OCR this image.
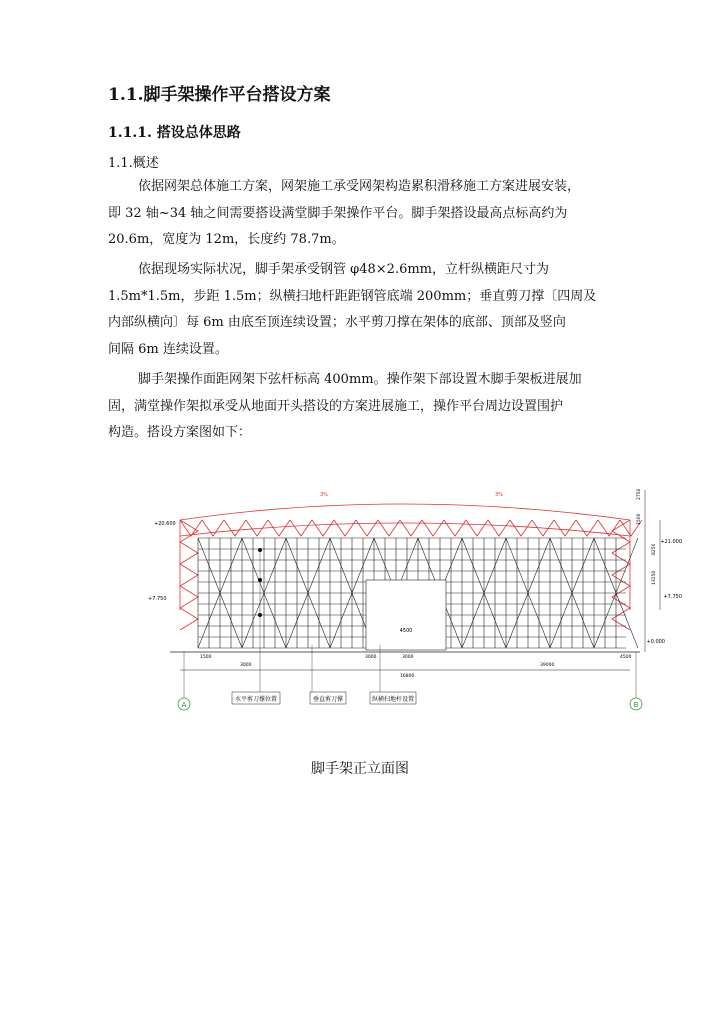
1.1.脚手架操作平台搭设方案
1.1.1. 搭设总体思路
1.1.概述
依据网架总体施工方案，网架施工承受网架构造累积滑移施工方案进展安装，
即 32 轴~34 轴之间需要搭设满堂脚手架操作平台。脚手架搭设最高点标高约为
20.6m，宽度为 12m，长度约 78.7m。
依据现场实际状况，脚手架承受钢管 φ48×2.6mm，立杆纵横距尺寸为
1.5m*1.5m，步距 1.5m；纵横扫地杆距距钢管底端 200mm；垂直剪刀撑〔四周及
内部纵横向〕每 6m 由底至顶连续设置；水平剪刀撑在架体的底部、顶部及竖向
间隔 6m 连续设置。
脚手架操作面距网架下弦杆标高 400mm。操作架下部设置木脚手架板进展加
固，满堂操作架拟承受从地面开头搭设的方案进展施工，操作平台周边设置围护
构造。搭设方案图如下：
4500
1500	3000	3000	4500
3000	39000
16800
+20.600
+7.750
+21.000
+7.750
+0.000
2750
1500
8250
13250
3%	3%
A	B
水平剪刀撑位置	垂直剪刀撑	纵横扫地杆设置
脚手架正立面图
